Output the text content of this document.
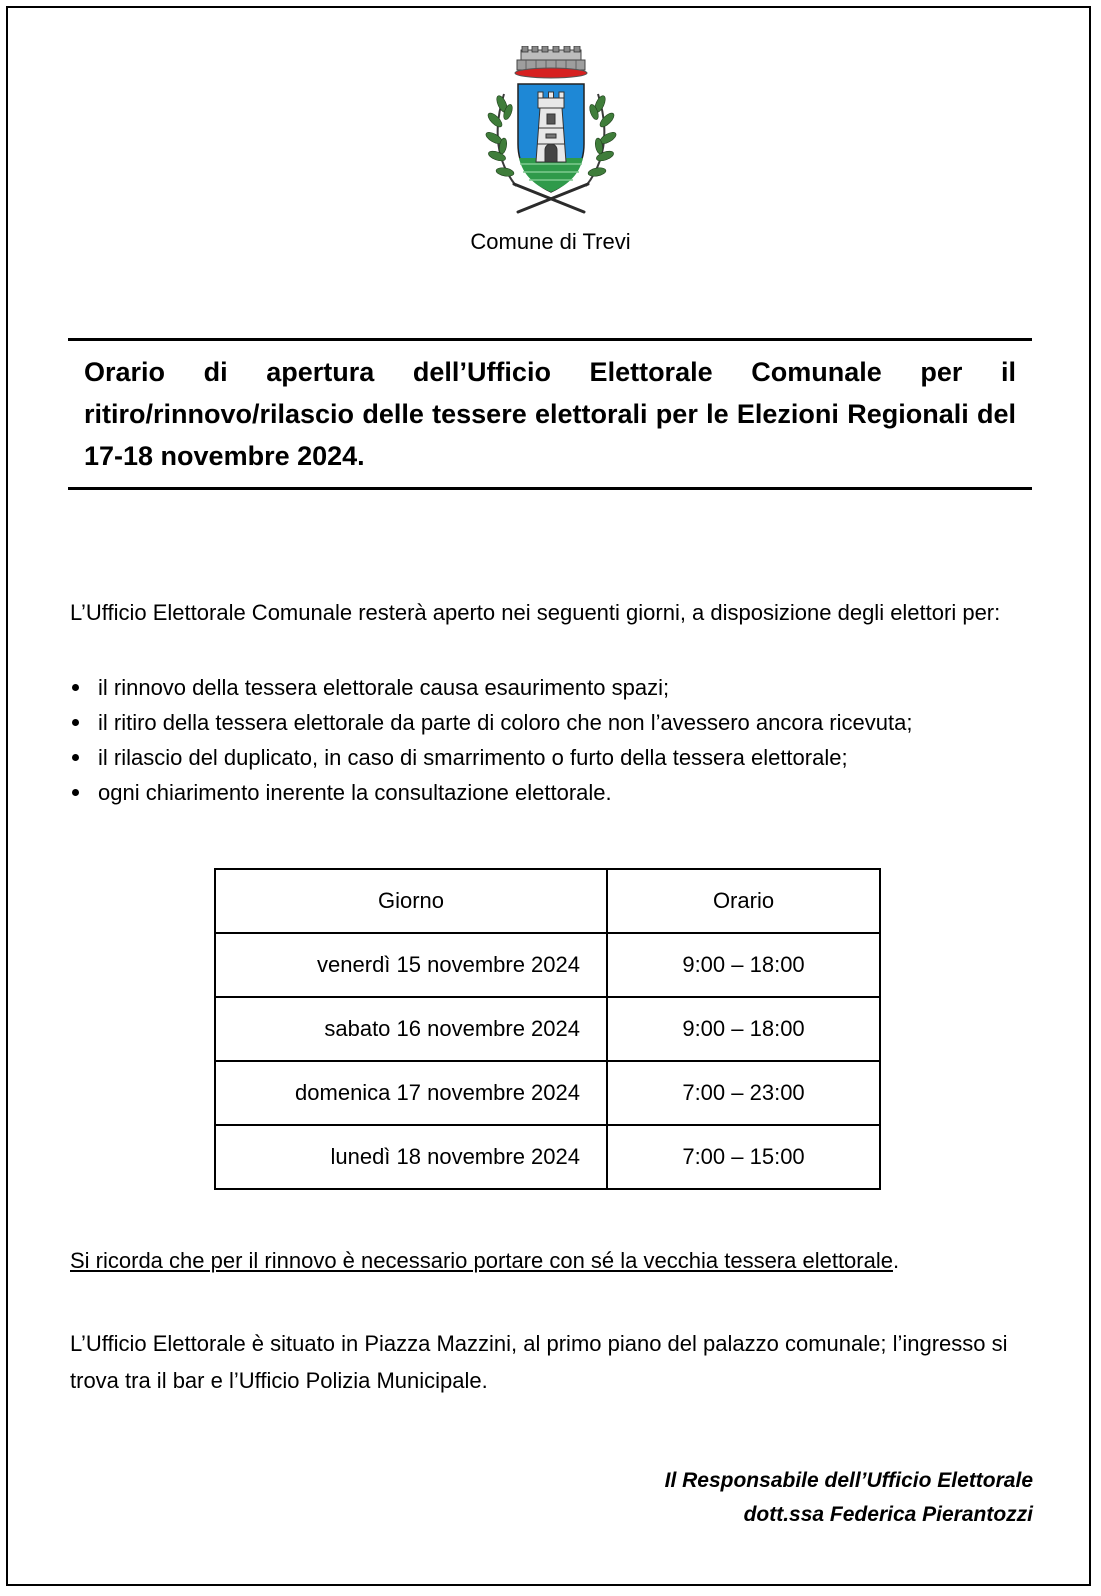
Comune di Trevi

Orario di apertura dell’Ufficio Elettorale Comunale per il ritiro/rinnovo/rilascio delle tessere elettorali per le Elezioni Regionali del 17-18 novembre 2024.

L’Ufficio Elettorale Comunale resterà aperto nei seguenti giorni, a disposizione degli elettori per:

il rinnovo della tessera elettorale causa esaurimento spazi;
il ritiro della tessera elettorale da parte di coloro che non l’avessero ancora ricevuta;
il rilascio del duplicato, in caso di smarrimento o furto della tessera elettorale;
ogni chiarimento inerente la consultazione elettorale.
Giorno	Orario
venerdì 15 novembre 2024	9:00 – 18:00
sabato 16 novembre 2024	9:00 – 18:00
domenica 17 novembre 2024	7:00 – 23:00
lunedì 18 novembre 2024	7:00 – 15:00

Si ricorda che per il rinnovo è necessario portare con sé la vecchia tessera elettorale.

L’Ufficio Elettorale è situato in Piazza Mazzini, al primo piano del palazzo comunale; l’ingresso si trova tra il bar e l’Ufficio Polizia Municipale.

Il Responsabile dell’Ufficio Elettorale
dott.ssa Federica Pierantozzi
